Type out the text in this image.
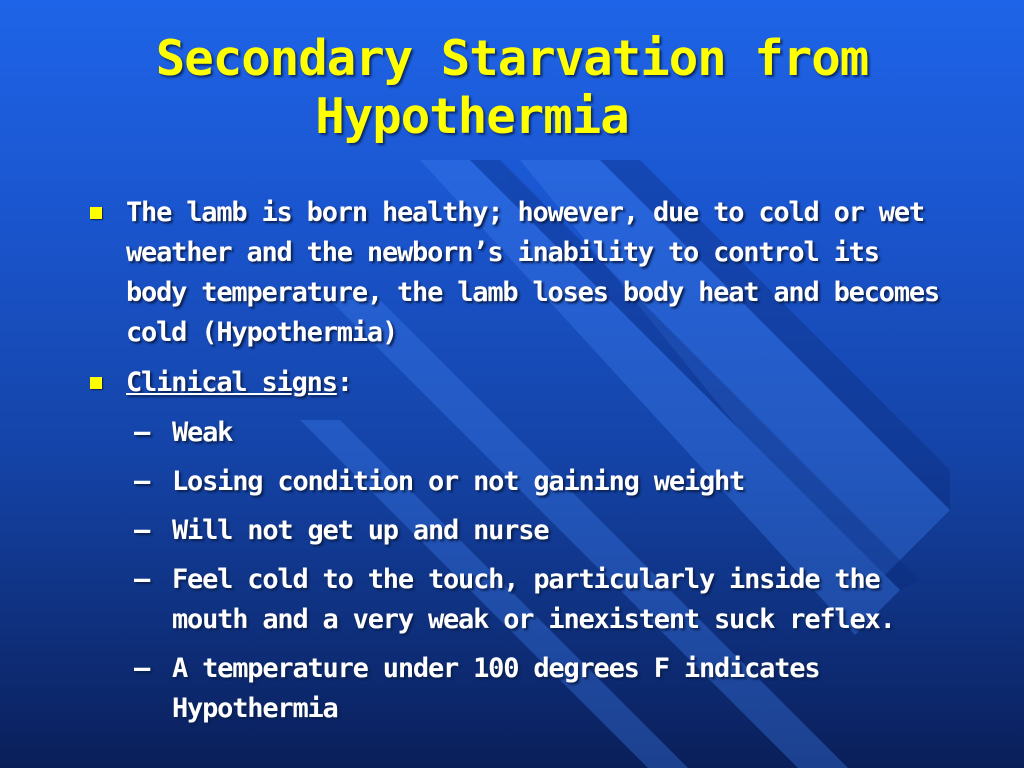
Secondary Starvation from
Hypothermia
The lamb is born healthy; however, due to cold or wet weather and the newborn’s inability to control its body temperature, the lamb loses body heat and becomes cold (Hypothermia)
Clinical signs:
– Weak
– Losing condition or not gaining weight
– Will not get up and nurse
– Feel cold to the touch, particularly inside the mouth and a very weak or inexistent suck reflex.
– A temperature under 100 degrees F indicates Hypothermia
